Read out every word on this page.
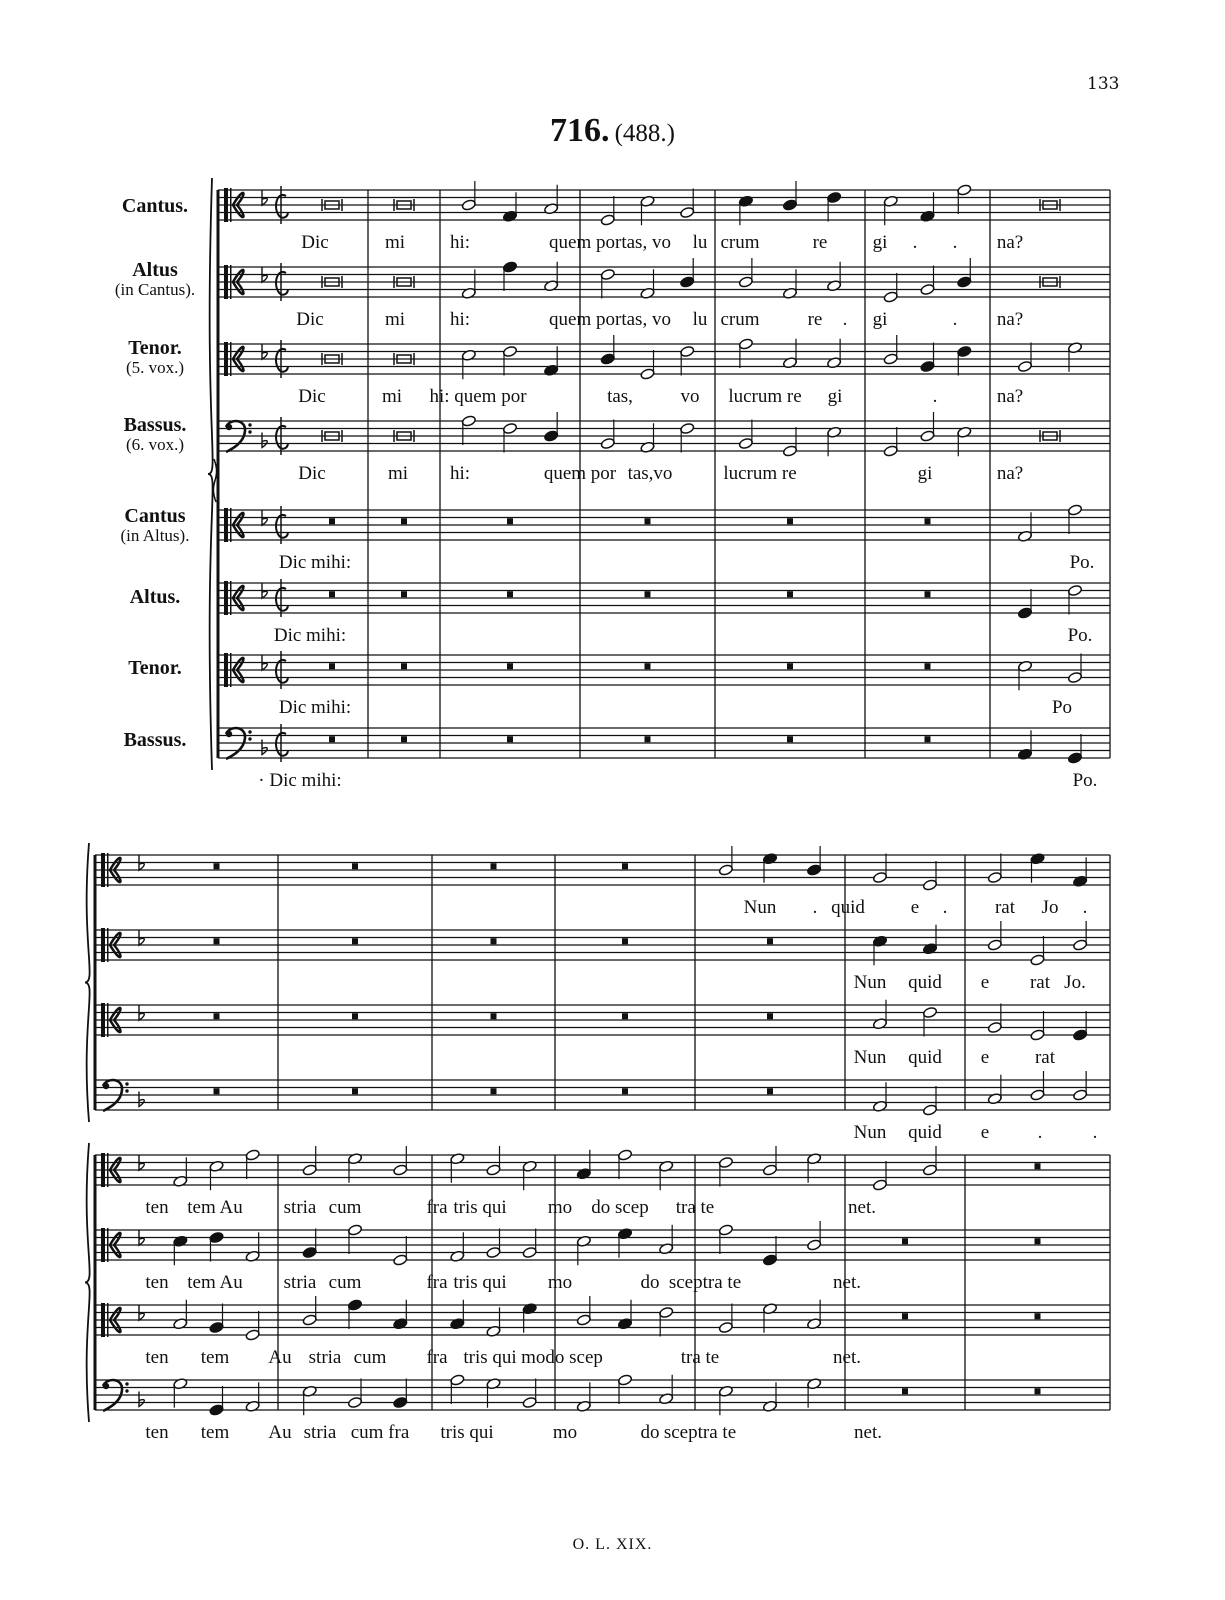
133
716. (488.)
Cantus.
Altus
(in Cantus).
Tenor.
(5. vox.)
Bassus.
(6. vox.)
Cantus
(in Altus).
Altus.
Tenor.
Bassus.
Dic	mi hi:	quem portas, vo lu crum	re gi . . na?
Dic	mi hi:	quem portas, vo lu crum	re . gi	. na?
Dic	mi hi: quem por	tas,	vo lucrum re gi	.	na?
Dic	mi hi:	quem por tas,vo	lucrum re	gi	na?
Dic mihi:	Po.
Dic mihi:	Po.
Dic mihi:	Po
· Dic mihi:	Po.
Nun . quid e .	rat Jo .
Nun quid e rat Jo.
Nun quid e rat
Nun quid e	.	.
ten tem Au stria cum	fra tris qui mo do scep tra te	net.
ten tem Au stria cum	fra tris qui mo	do sceptra te	net.
ten tem Au stria cum fra tris qui modo scep	tra te	net.
ten tem Au stria cum fra tris qui	mo	do sceptra te	net.
O. L. XIX.
